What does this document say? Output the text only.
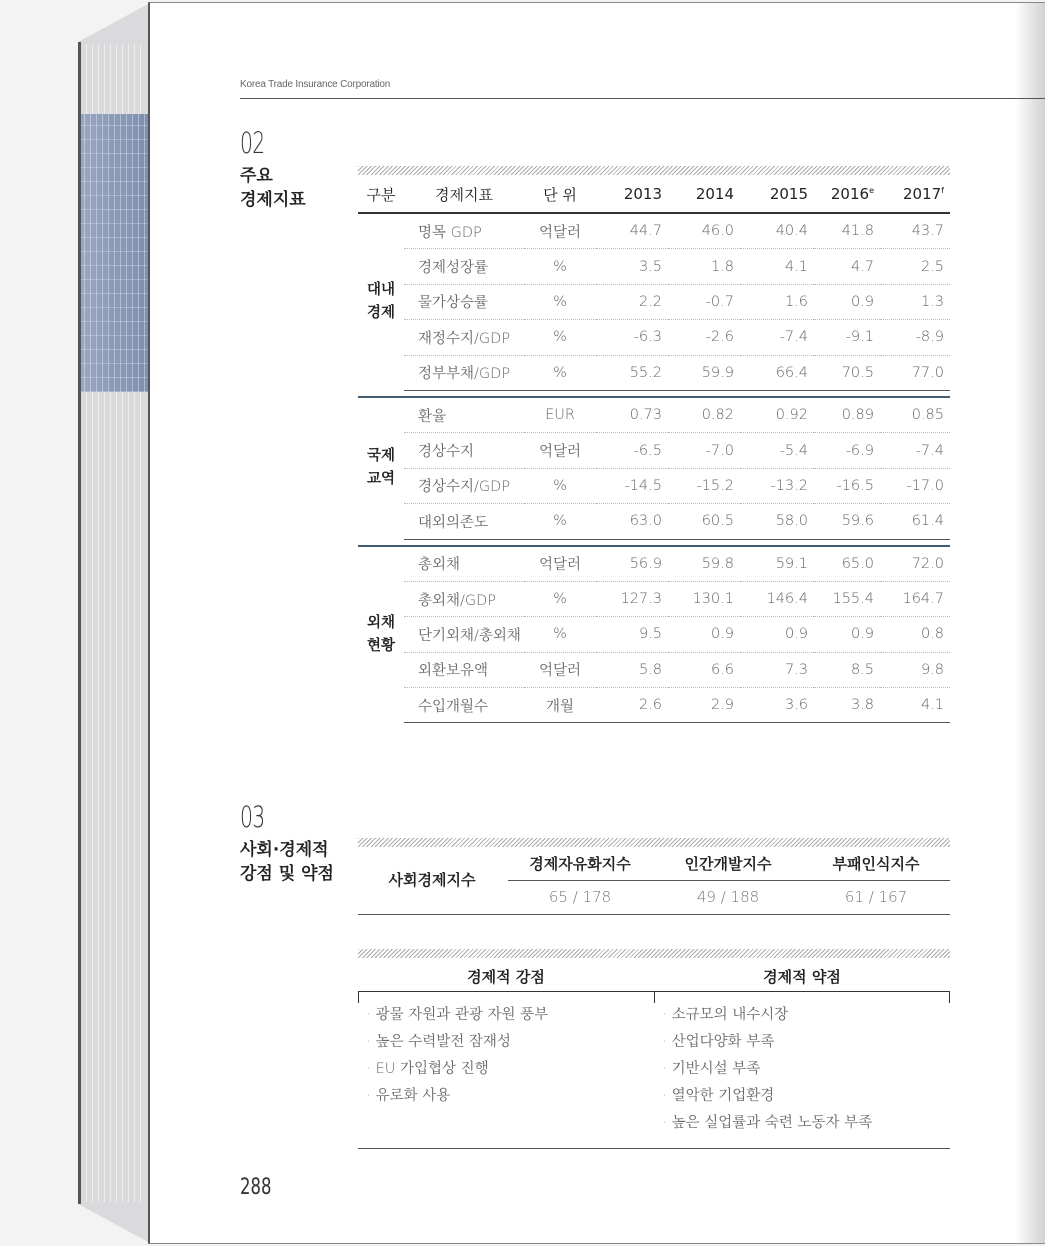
Korea Trade Insurance Corporation
02
주요
경제지표	구분	경제지표	단 위	2013	2014	2015	2016e	2017$^f$

대내
경제	명목 GDP	억달러	44.7	46.0	40.4	41.8	43.7
	경제성장률	%	3.5	1.8	4.1	4.7	2.5
	물가상승률	%	2.2	-0.7	1.6	0.9	1.3
	재정수지/GDP	%	-6.3	-2.6	-7.4	-9.1	-8.9
	정부부채/GDP	%	55.2	59.9	66.4	70.5	77.0

국제
교역	환율	EUR	0.73	0.82	0.92	0.89	0.85
	경상수지	억달러	-6.5	-7.0	-5.4	-6.9	-7.4
	경상수지/GDP	%	-14.5	-15.2	-13.2	-16.5	-17.0
	대외의존도	%	63.0	60.5	58.0	59.6	61.4

외채
현황	총외채	억달러	56.9	59.8	59.1	65.0	72.0
	총외채/GDP	%	127.3	130.1	146.4	155.4	164.7
	단기외채/총외채	%	9.5	0.9	0.9	0.9	0.8
	외환보유액	억달러	5.8	6.6	7.3	8.5	9.8
	수입개월수	개월	2.6	2.9	3.6	3.8	4.1
03
사회·경제적
강점 및 약점	사회경제지수
경제자유화지수	인간개발지수	부패인식지수
65 / 178	49 / 188	61 / 167
경제적 강점	경제적 약점
· 광물 자원과 관광 자원 풍부
· 높은 수력발전 잠재성
· EU 가입협상 진행
· 유로화 사용
· 소규모의 내수시장
· 산업다양화 부족
· 기반시설 부족
· 열악한 기업환경
· 높은 실업률과 숙련 노동자 부족
288
